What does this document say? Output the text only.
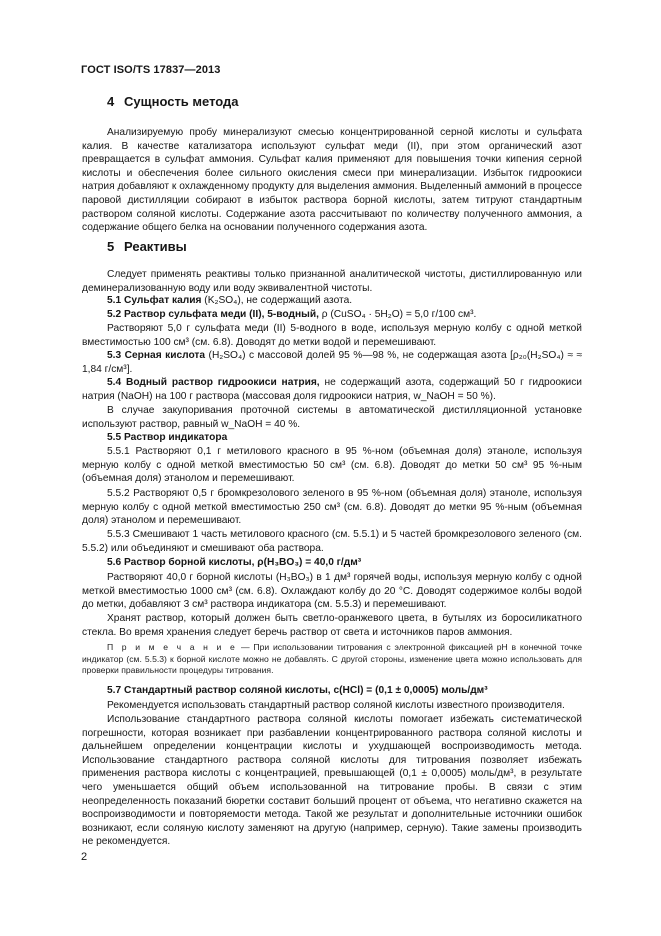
ГОСТ ISO/TS 17837—2013
4 Сущность метода
Анализируемую пробу минерализуют смесью концентрированной серной кислоты и сульфата калия. В качестве катализатора используют сульфат меди (II), при этом органический азот превращается в сульфат аммония. Сульфат калия применяют для повышения точки кипения серной кислоты и обеспечения более сильного окисления смеси при минерализации. Избыток гидроокиси натрия добавляют к охлажденному продукту для выделения аммония. Выделенный аммоний в процессе паровой дистилляции собирают в избыток раствора борной кислоты, затем титруют стандартным раствором соляной кислоты. Содержание азота рассчитывают по количеству полученного аммония, а содержание общего белка на основании полученного содержания азота.
5 Реактивы
Следует применять реактивы только признанной аналитической чистоты, дистиллированную или деминерализованную воду или воду эквивалентной чистоты.
5.1 Сульфат калия (K₂SO₄), не содержащий азота.
5.2 Раствор сульфата меди (II), 5-водный, ρ (CuSO₄ · 5H₂O) = 5,0 г/100 см³.
Растворяют 5,0 г сульфата меди (II) 5-водного в воде, используя мерную колбу с одной меткой вместимостью 100 см³ (см. 6.8). Доводят до метки водой и перемешивают.
5.3 Серная кислота (H₂SO₄) с массовой долей 95 %—98 %, не содержащая азота [ρ₂₀(H₂SO₄) ≈ ≈ 1,84 г/см³].
5.4 Водный раствор гидроокиси натрия, не содержащий азота, содержащий 50 г гидроокиси натрия (NaOH) на 100 г раствора (массовая доля гидроокиси натрия, w_NaOH = 50 %).
В случае закупоривания проточной системы в автоматической дистилляционной установке используют раствор, равный w_NaOH = 40 %.
5.5 Раствор индикатора
5.5.1 Растворяют 0,1 г метилового красного в 95 %-ном (объемная доля) этаноле, используя мерную колбу с одной меткой вместимостью 50 см³ (см. 6.8). Доводят до метки 50 см³ 95 %-ным (объемная доля) этанолом и перемешивают.
5.5.2 Растворяют 0,5 г бромкрезолового зеленого в 95 %-ном (объемная доля) этаноле, используя мерную колбу с одной меткой вместимостью 250 см³ (см. 6.8). Доводят до метки 95 %-ным (объемная доля) этанолом и перемешивают.
5.5.3 Смешивают 1 часть метилового красного (см. 5.5.1) и 5 частей бромкрезолового зеленого (см. 5.5.2) или объединяют и смешивают оба раствора.
5.6 Раствор борной кислоты, ρ(H₃BO₃) = 40,0 г/дм³
Растворяют 40,0 г борной кислоты (H₃BO₃) в 1 дм³ горячей воды, используя мерную колбу с одной меткой вместимостью 1000 см³ (см. 6.8). Охлаждают колбу до 20 °С. Доводят содержимое колбы водой до метки, добавляют 3 см³ раствора индикатора (см. 5.5.3) и перемешивают.
Хранят раствор, который должен быть светло-оранжевого цвета, в бутылях из боросиликатного стекла. Во время хранения следует беречь раствор от света и источников паров аммония.
П р и м е ч а н и е — При использовании титрования с электронной фиксацией pH в конечной точке индикатор (см. 5.5.3) к борной кислоте можно не добавлять. С другой стороны, изменение цвета можно использовать для проверки правильности процедуры титрования.
5.7 Стандартный раствор соляной кислоты, c(HCl) = (0,1 ± 0,0005) моль/дм³
Рекомендуется использовать стандартный раствор соляной кислоты известного производителя.
Использование стандартного раствора соляной кислоты помогает избежать систематической погрешности, которая возникает при разбавлении концентрированного раствора соляной кислоты и дальнейшем определении концентрации кислоты и ухудшающей воспроизводимость метода. Использование стандартного раствора соляной кислоты для титрования позволяет избежать применения раствора кислоты с концентрацией, превышающей (0,1 ± 0,0005) моль/дм³, в результате чего уменьшается общий объем использованной на титрование пробы. В связи с этим неопределенность показаний бюретки составит больший процент от объема, что негативно скажется на воспроизводимости и повторяемости метода. Такой же результат и дополнительные источники ошибок возникают, если соляную кислоту заменяют на другую (например, серную). Такие замены производить не рекомендуется.
2
